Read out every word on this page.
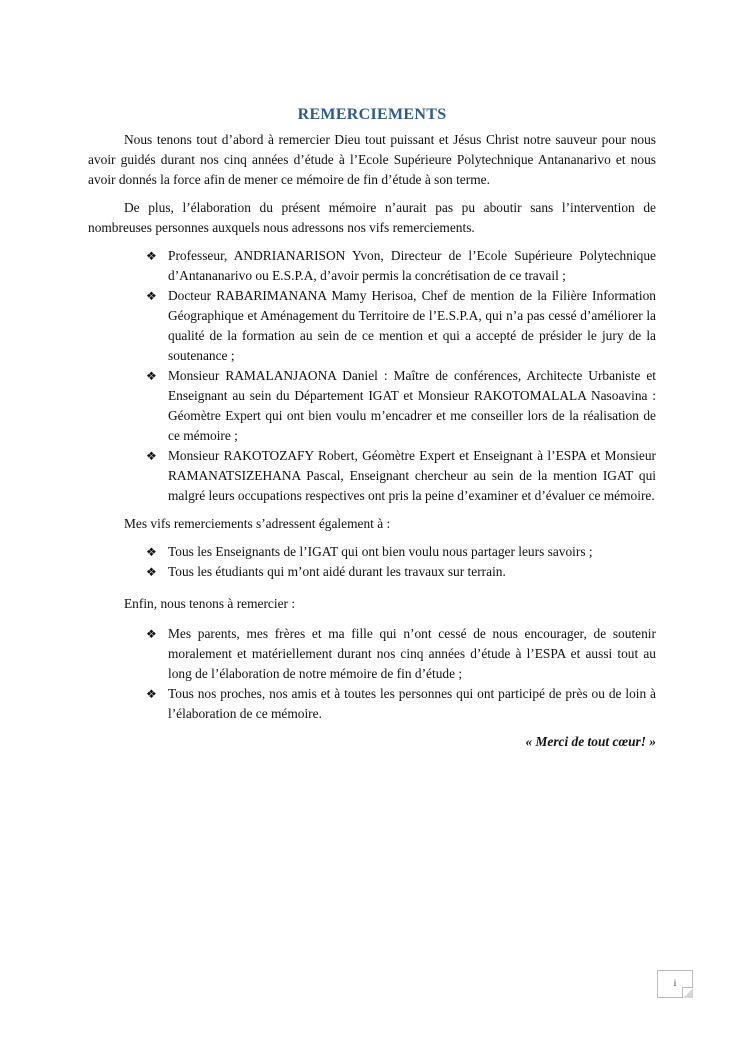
REMERCIEMENTS

Nous tenons tout d’abord à remercier Dieu tout puissant et Jésus Christ notre sauveur pour nous avoir guidés durant nos cinq années d’étude à l’Ecole Supérieure Polytechnique Antananarivo et nous avoir donnés la force afin de mener ce mémoire de fin d’étude à son terme.

De plus, l’élaboration du présent mémoire n’aurait pas pu aboutir sans l’intervention de nombreuses personnes auxquels nous adressons nos vifs remerciements.

❖ Professeur, ANDRIANARISON Yvon, Directeur de l’Ecole Supérieure Polytechnique d’Antananarivo ou E.S.P.A, d’avoir permis la concrétisation de ce travail ;
❖ Docteur RABARIMANANA Mamy Herisoa, Chef de mention de la Filière Information Géographique et Aménagement du Territoire de l’E.S.P.A, qui n’a pas cessé d’améliorer la qualité de la formation au sein de ce mention et qui a accepté de présider le jury de la soutenance ;
❖ Monsieur RAMALANJAONA Daniel : Maître de conférences, Architecte Urbaniste et Enseignant au sein du Département IGAT et Monsieur RAKOTOMALALA Nasoavina : Géomètre Expert qui ont bien voulu m’encadrer et me conseiller lors de la réalisation de ce mémoire ;
❖ Monsieur RAKOTOZAFY Robert, Géomètre Expert et Enseignant à l’ESPA et Monsieur RAMANATSIZEHANA Pascal, Enseignant chercheur au sein de la mention IGAT qui malgré leurs occupations respectives ont pris la peine d’examiner et d’évaluer ce mémoire.

Mes vifs remerciements s’adressent également à :

❖ Tous les Enseignants de l’IGAT qui ont bien voulu nous partager leurs savoirs ;
❖ Tous les étudiants qui m’ont aidé durant les travaux sur terrain.

Enfin, nous tenons à remercier :

❖ Mes parents, mes frères et ma fille qui n’ont cessé de nous encourager, de soutenir moralement et matériellement durant nos cinq années d’étude à l’ESPA et aussi tout au long de l’élaboration de notre mémoire de fin d’étude ;
❖ Tous nos proches, nos amis et à toutes les personnes qui ont participé de près ou de loin à l’élaboration de ce mémoire.

« Merci de tout cœur! »

i
